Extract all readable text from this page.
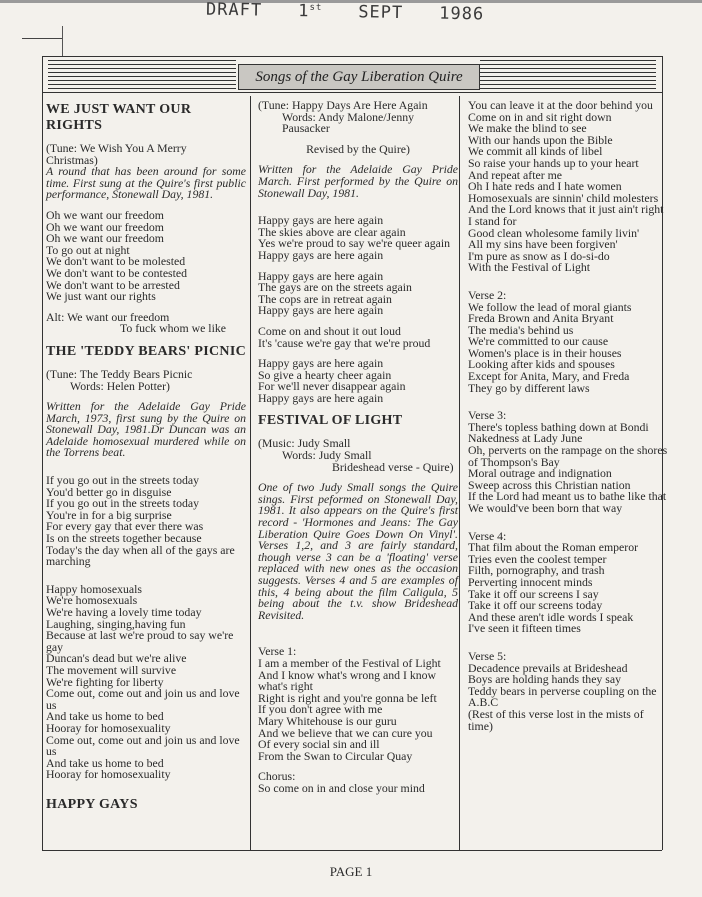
DRAFT 1st SEPT 1986
Songs of the Gay Liberation Quire
WE JUST WANT OUR RIGHTS
(Tune: We Wish You A Merry
Christmas)
A round that has been around for some time. First sung at the Quire's first public performance, Stonewall Day, 1981.
Oh we want our freedom
Oh we want our freedom
Oh we want our freedom
To go out at night
We don't want to be molested
We don't want to be contested
We don't want to be arrested
We just want our rights
Alt: We want our freedom
To fuck whom we like
THE 'TEDDY BEARS' PICNIC
(Tune: The Teddy Bears Picnic
Words: Helen Potter)
Written for the Adelaide Gay Pride March, 1973, first sung by the Quire on Stonewall Day, 1981.Dr Duncan was an Adelaide homosexual murdered while on the Torrens beat.
If you go out in the streets today
You'd better go in disguise
If you go out in the streets today
You're in for a big surprise
For every gay that ever there was
Is on the streets together because
Today's the day when all of the gays are marching
Happy homosexuals
We're homosexuals
We're having a lovely time today
Laughing, singing,having fun
Because at last we're proud to say we're gay
Duncan's dead but we're alive
The movement will survive
We're fighting for liberty
Come out, come out and join us and love us
And take us home to bed
Hooray for homosexuality
Come out, come out and join us and love us
And take us home to bed
Hooray for homosexuality
HAPPY GAYS
(Tune: Happy Days Are Here Again
Words: Andy Malone/Jenny Pausacker
Revised by the Quire)
Written for the Adelaide Gay Pride March. First performed by the Quire on Stonewall Day, 1981.
Happy gays are here again
The skies above are clear again
Yes we're proud to say we're queer again
Happy gays are here again
Happy gays are here again
The gays are on the streets again
The cops are in retreat again
Happy gays are here again
Come on and shout it out loud
It's 'cause we're gay that we're proud
Happy gays are here again
So give a hearty cheer again
For we'll never disappear again
Happy gays are here again
FESTIVAL OF LIGHT
(Music: Judy Small
Words: Judy Small
Brideshead verse - Quire)
One of two Judy Small songs the Quire sings. First peformed on Stonewall Day, 1981. It also appears on the Quire's first record - 'Hormones and Jeans: The Gay Liberation Quire Goes Down On Vinyl'. Verses 1,2, and 3 are fairly standard, though verse 3 can be a 'floating' verse replaced with new ones as the occasion suggests. Verses 4 and 5 are examples of this, 4 being about the film Caligula, 5 being about the t.v. show Brideshead Revisited.
Verse 1:
I am a member of the Festival of Light
And I know what's wrong and I know what's right
Right is right and you're gonna be left
If you don't agree with me
Mary Whitehouse is our guru
And we believe that we can cure you
Of every social sin and ill
From the Swan to Circular Quay
Chorus:
So come on in and close your mind
You can leave it at the door behind you
Come on in and sit right down
We make the blind to see
With our hands upon the Bible
We commit all kinds of libel
So raise your hands up to your heart
And repeat after me
Oh I hate reds and I hate women
Homosexuals are sinnin' child molesters
And the Lord knows that it just ain't right
I stand for
Good clean wholesome family livin'
All my sins have been forgiven'
I'm pure as snow as I do-si-do
With the Festival of Light
Verse 2:
We follow the lead of moral giants
Freda Brown and Anita Bryant
The media's behind us
We're committed to our cause
Women's place is in their houses
Looking after kids and spouses
Except for Anita, Mary, and Freda
They go by different laws
Verse 3:
There's topless bathing down at Bondi
Nakedness at Lady June
Oh, perverts on the rampage on the shores of Thompson's Bay
Moral outrage and indignation
Sweep across this Christian nation
If the Lord had meant us to bathe like that
We would've been born that way
Verse 4:
That film about the Roman emperor
Tries even the coolest temper
Filth, pornography, and trash
Perverting innocent minds
Take it off our screens I say
Take it off our screens today
And these aren't idle words I speak
I've seen it fifteen times
Verse 5:
Decadence prevails at Brideshead
Boys are holding hands they say
Teddy bears in perverse coupling on the A.B.C
(Rest of this verse lost in the mists of time)
PAGE 1
